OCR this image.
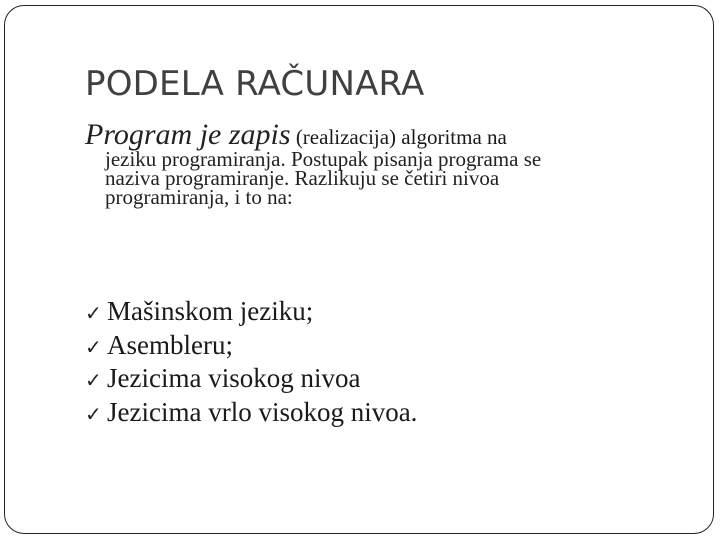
PODELA RAČUNARA
Program je zapis (realizacija) algoritma na
jeziku programiranja. Postupak pisanja programa se
naziva programiranje. Razlikuju se četiri nivoa
programiranja, i to na:
✓ Mašinskom jeziku;
✓ Asembleru;
✓ Jezicima visokog nivoa
✓ Jezicima vrlo visokog nivoa.
